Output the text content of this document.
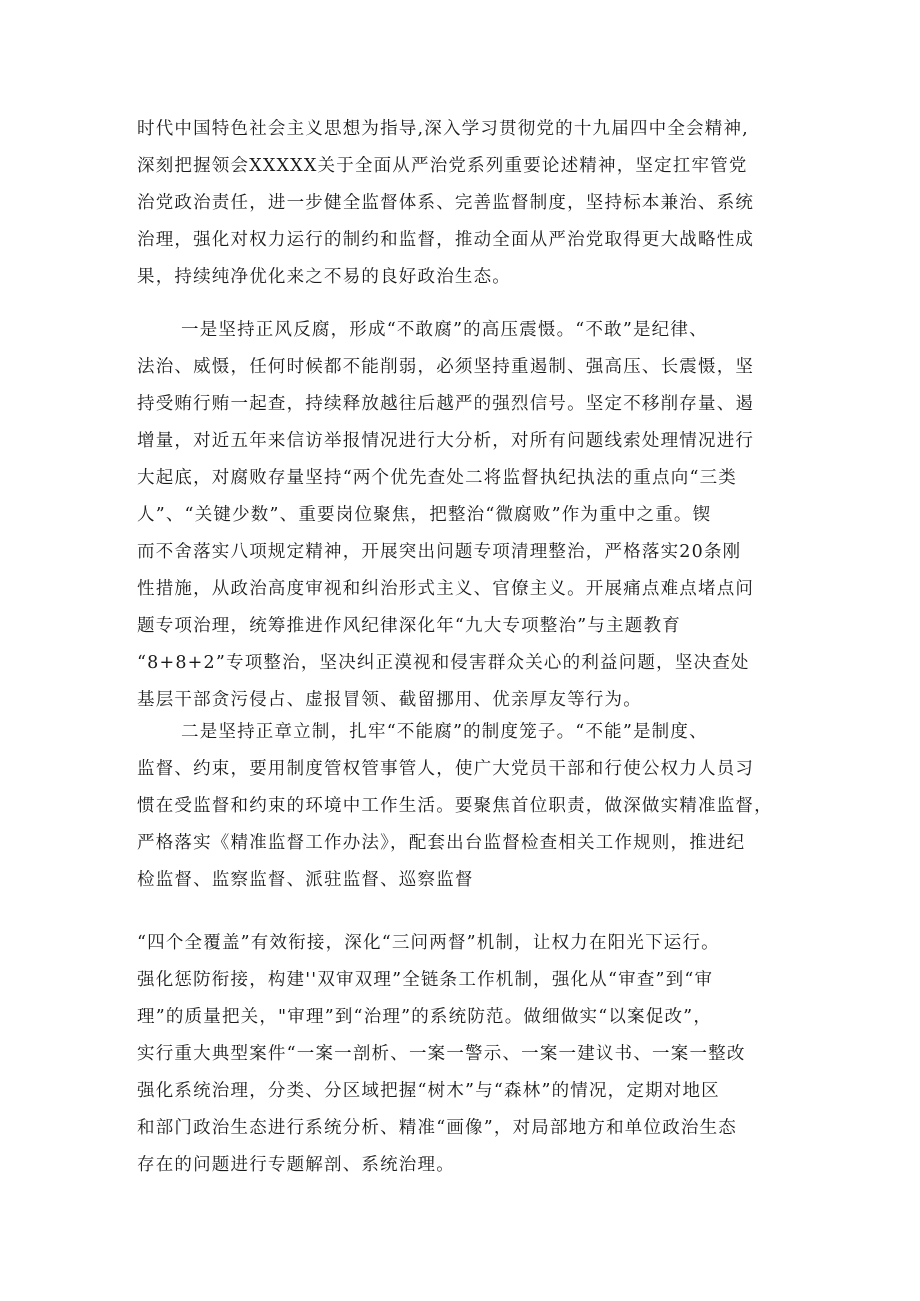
时代中国特色社会主义思想为指导,深入学习贯彻党的十九届四中全会精神,
深刻把握领会XXXXX关于全面从严治党系列重要论述精神，坚定扛牢管党
治党政治责任，进一步健全监督体系、完善监督制度，坚持标本兼治、系统
治理，强化对权力运行的制约和监督，推动全面从严治党取得更大战略性成
果，持续纯净优化来之不易的良好政治生态。
一是坚持正风反腐，形成“不敢腐”的高压震慑。“不敢”是纪律、
法治、威慑，任何时候都不能削弱，必须坚持重遏制、强高压、长震慑，坚
持受贿行贿一起查，持续释放越往后越严的强烈信号。坚定不移削存量、遏
增量，对近五年来信访举报情况进行大分析，对所有问题线索处理情况进行
大起底，对腐败存量坚持“两个优先查处二将监督执纪执法的重点向“三类
人”、“关键少数”、重要岗位聚焦，把整治“微腐败”作为重中之重。锲
而不舍落实八项规定精神，开展突出问题专项清理整治，严格落实20条刚
性措施，从政治高度审视和纠治形式主义、官僚主义。开展痛点难点堵点问
题专项治理，统筹推进作风纪律深化年“九大专项整治”与主题教育
“8+8+2”专项整治，坚决纠正漠视和侵害群众关心的利益问题，坚决查处
基层干部贪污侵占、虚报冒领、截留挪用、优亲厚友等行为。
二是坚持正章立制，扎牢“不能腐”的制度笼子。“不能”是制度、
监督、约束，要用制度管权管事管人，使广大党员干部和行使公权力人员习
惯在受监督和约束的环境中工作生活。要聚焦首位职责，做深做实精准监督，
严格落实《精准监督工作办法》，配套出台监督检查相关工作规则，推进纪
检监督、监察监督、派驻监督、巡察监督
“四个全覆盖”有效衔接，深化“三问两督”机制，让权力在阳光下运行。
强化惩防衔接，构建''双审双理”全链条工作机制，强化从“审查”到“审
理”的质量把关，"审理”到“治理”的系统防范。做细做实“以案促改”，
实行重大典型案件“一案一剖析、一案一警示、一案一建议书、一案一整改
强化系统治理，分类、分区域把握“树木”与“森林”的情况，定期对地区
和部门政治生态进行系统分析、精准“画像”，对局部地方和单位政治生态
存在的问题进行专题解剖、系统治理。
